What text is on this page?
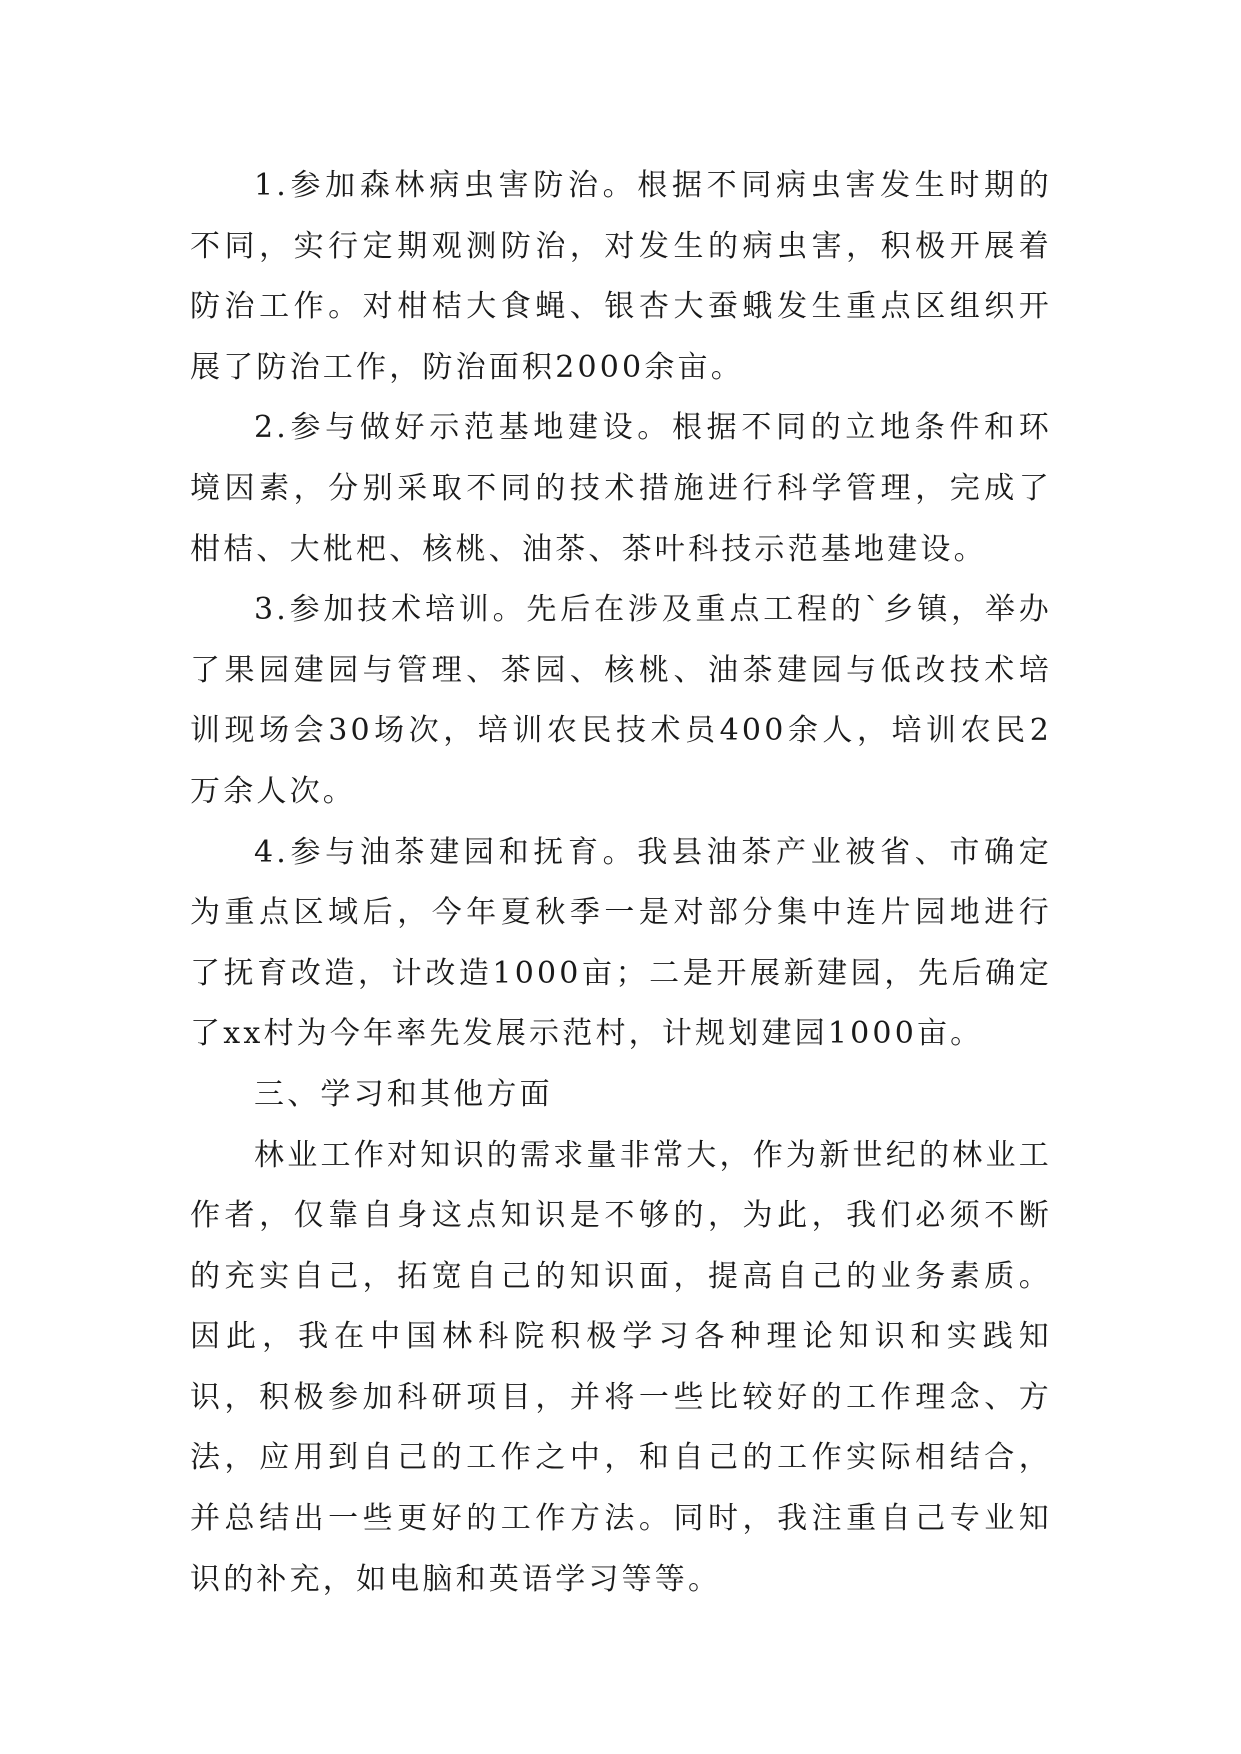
1.参加森林病虫害防治。根据不同病虫害发生时期的不同，实行定期观测防治，对发生的病虫害，积极开展着防治工作。对柑桔大食蝇、银杏大蚕蛾发生重点区组织开展了防治工作，防治面积2000余亩。

2.参与做好示范基地建设。根据不同的立地条件和环境因素，分别采取不同的技术措施进行科学管理，完成了柑桔、大枇杷、核桃、油茶、茶叶科技示范基地建设。

3.参加技术培训。先后在涉及重点工程的`乡镇，举办了果园建园与管理、茶园、核桃、油茶建园与低改技术培训现场会30场次，培训农民技术员400余人，培训农民2万余人次。

4.参与油茶建园和抚育。我县油茶产业被省、市确定为重点区域后，今年夏秋季一是对部分集中连片园地进行了抚育改造，计改造1000亩；二是开展新建园，先后确定了xx村为今年率先发展示范村，计规划建园1000亩。

三、学习和其他方面

林业工作对知识的需求量非常大，作为新世纪的林业工作者，仅靠自身这点知识是不够的，为此，我们必须不断的充实自己，拓宽自己的知识面，提高自己的业务素质。因此，我在中国林科院积极学习各种理论知识和实践知识，积极参加科研项目，并将一些比较好的工作理念、方法，应用到自己的工作之中，和自己的工作实际相结合，并总结出一些更好的工作方法。同时，我注重自己专业知识的补充，如电脑和英语学习等等。
